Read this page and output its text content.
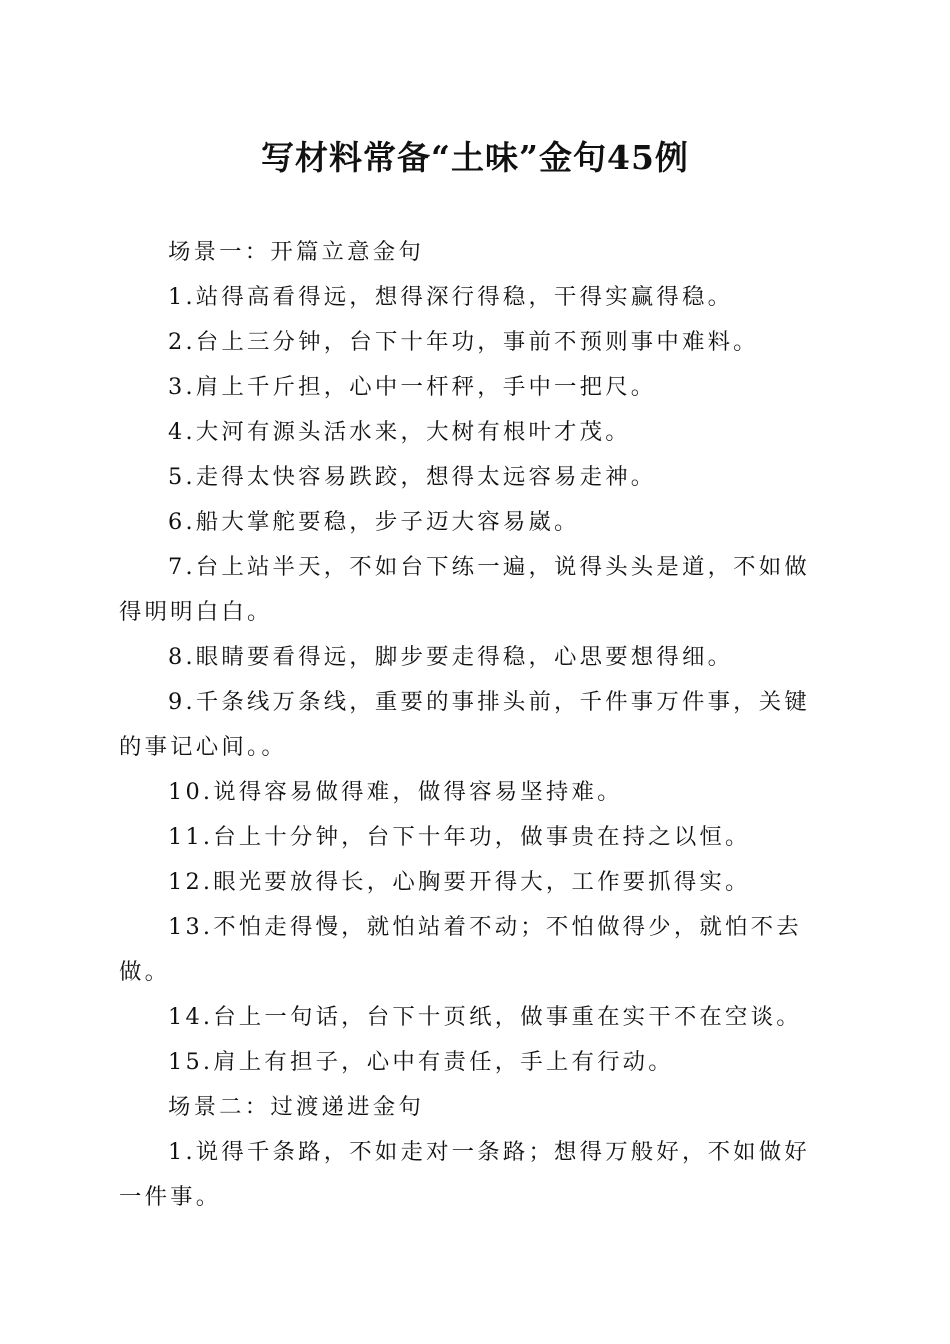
写材料常备“土味”金句45例

场景一：开篇立意金句

1.站得高看得远，想得深行得稳，干得实赢得稳。

2.台上三分钟，台下十年功，事前不预则事中难料。

3.肩上千斤担，心中一杆秤，手中一把尺。

4.大河有源头活水来，大树有根叶才茂。

5.走得太快容易跌跤，想得太远容易走神。

6.船大掌舵要稳，步子迈大容易崴。

7.台上站半天，不如台下练一遍，说得头头是道，不如做得明明白白。

8.眼睛要看得远，脚步要走得稳，心思要想得细。

9.千条线万条线，重要的事排头前，千件事万件事，关键的事记心间。。

10.说得容易做得难，做得容易坚持难。

11.台上十分钟，台下十年功，做事贵在持之以恒。

12.眼光要放得长，心胸要开得大，工作要抓得实。

13.不怕走得慢，就怕站着不动；不怕做得少，就怕不去做。

14.台上一句话，台下十页纸，做事重在实干不在空谈。

15.肩上有担子，心中有责任，手上有行动。

场景二：过渡递进金句

1.说得千条路，不如走对一条路；想得万般好，不如做好一件事。
